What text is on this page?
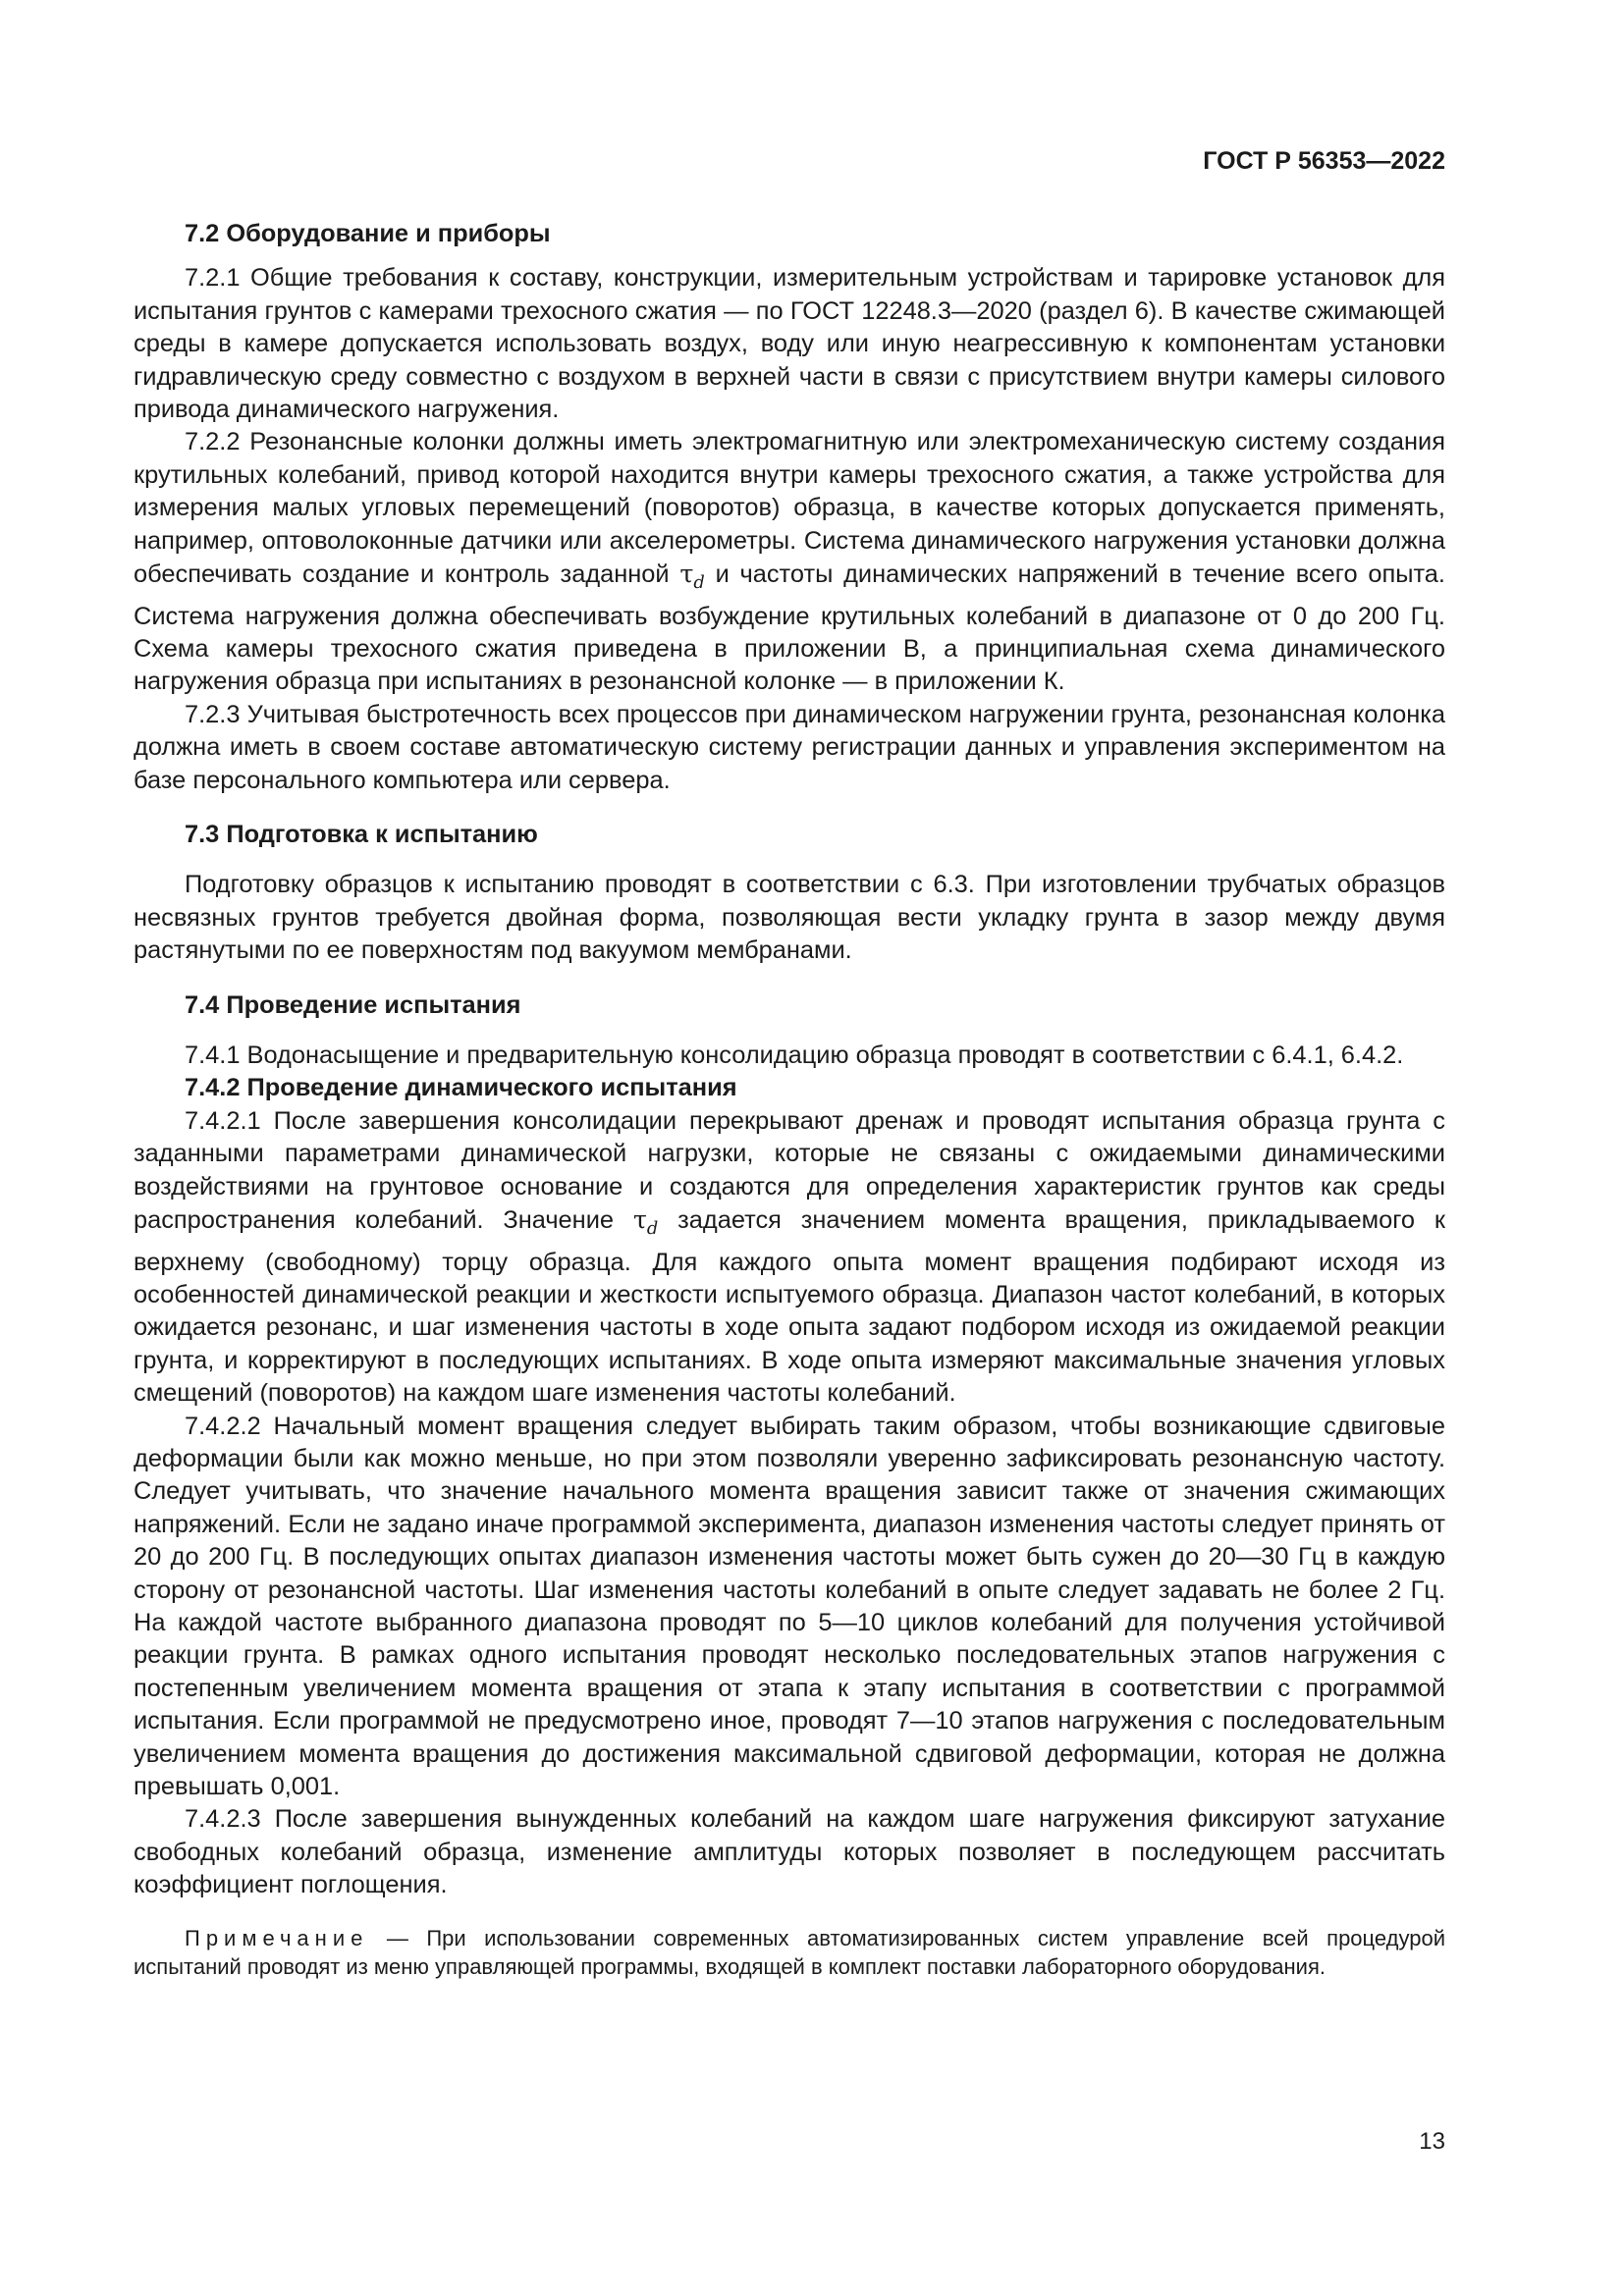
ГОСТ Р 56353—2022
7.2 Оборудование и приборы

7.2.1 Общие требования к составу, конструкции, измерительным устройствам и тарировке установок для испытания грунтов с камерами трехосного сжатия — по ГОСТ 12248.3—2020 (раздел 6). В качестве сжимающей среды в камере допускается использовать воздух, воду или иную неагрессивную к компонентам установки гидравлическую среду совместно с воздухом в верхней части в связи с присутствием внутри камеры силового привода динамического нагружения.

7.2.2 Резонансные колонки должны иметь электромагнитную или электромеханическую систему создания крутильных колебаний, привод которой находится внутри камеры трехосного сжатия, а также устройства для измерения малых угловых перемещений (поворотов) образца, в качестве которых допускается применять, например, оптоволоконные датчики или акселерометры. Система динамического нагружения установки должна обеспечивать создание и контроль заданной $\tau_d$ и частоты динамических напряжений в течение всего опыта. Система нагружения должна обеспечивать возбуждение крутильных колебаний в диапазоне от 0 до 200 Гц. Схема камеры трехосного сжатия приведена в приложении В, а принципиальная схема динамического нагружения образца при испытаниях в резонансной колонке — в приложении К.

7.2.3 Учитывая быстротечность всех процессов при динамическом нагружении грунта, резонансная колонка должна иметь в своем составе автоматическую систему регистрации данных и управления экспериментом на базе персонального компьютера или сервера.

7.3 Подготовка к испытанию

Подготовку образцов к испытанию проводят в соответствии с 6.3. При изготовлении трубчатых образцов несвязных грунтов требуется двойная форма, позволяющая вести укладку грунта в зазор между двумя растянутыми по ее поверхностям под вакуумом мембранами.

7.4 Проведение испытания

7.4.1 Водонасыщение и предварительную консолидацию образца проводят в соответствии с 6.4.1, 6.4.2.

7.4.2 Проведение динамического испытания

7.4.2.1 После завершения консолидации перекрывают дренаж и проводят испытания образца грунта с заданными параметрами динамической нагрузки, которые не связаны с ожидаемыми динамическими воздействиями на грунтовое основание и создаются для определения характеристик грунтов как среды распространения колебаний. Значение $\tau_d$ задается значением момента вращения, прикладываемого к верхнему (свободному) торцу образца. Для каждого опыта момент вращения подбирают исходя из особенностей динамической реакции и жесткости испытуемого образца. Диапазон частот колебаний, в которых ожидается резонанс, и шаг изменения частоты в ходе опыта задают подбором исходя из ожидаемой реакции грунта, и корректируют в последующих испытаниях. В ходе опыта измеряют максимальные значения угловых смещений (поворотов) на каждом шаге изменения частоты колебаний.

7.4.2.2 Начальный момент вращения следует выбирать таким образом, чтобы возникающие сдвиговые деформации были как можно меньше, но при этом позволяли уверенно зафиксировать резонансную частоту. Следует учитывать, что значение начального момента вращения зависит также от значения сжимающих напряжений. Если не задано иначе программой эксперимента, диапазон изменения частоты следует принять от 20 до 200 Гц. В последующих опытах диапазон изменения частоты может быть сужен до 20—30 Гц в каждую сторону от резонансной частоты. Шаг изменения частоты колебаний в опыте следует задавать не более 2 Гц. На каждой частоте выбранного диапазона проводят по 5—10 циклов колебаний для получения устойчивой реакции грунта. В рамках одного испытания проводят несколько последовательных этапов нагружения с постепенным увеличением момента вращения от этапа к этапу испытания в соответствии с программой испытания. Если программой не предусмотрено иное, проводят 7—10 этапов нагружения с последовательным увеличением момента вращения до достижения максимальной сдвиговой деформации, которая не должна превышать 0,001.

7.4.2.3 После завершения вынужденных колебаний на каждом шаге нагружения фиксируют затухание свободных колебаний образца, изменение амплитуды которых позволяет в последующем рассчитать коэффициент поглощения.

Примечание — При использовании современных автоматизированных систем управление всей процедурой испытаний проводят из меню управляющей программы, входящей в комплект поставки лабораторного оборудования.

13
